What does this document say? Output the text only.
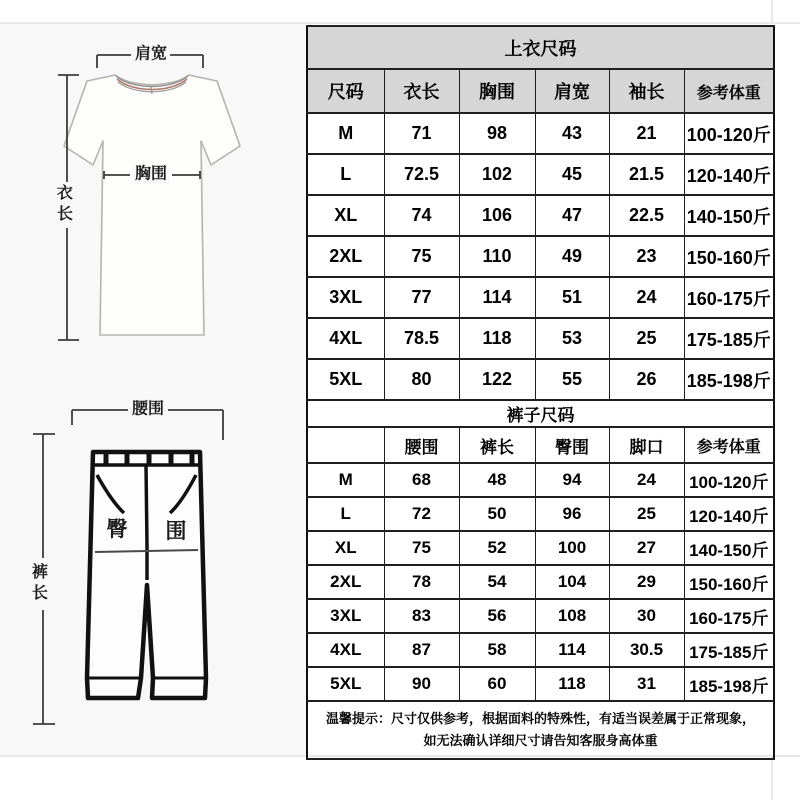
肩宽
衣长
胸围
腰围
裤长
臀 围
上衣尺码					
尺码	衣长	胸围	肩宽	袖长	参考体重
M	71	98	43	21	100-120斤
L	72.5	102	45	21.5	120-140斤
XL	74	106	47	22.5	140-150斤
2XL	75	110	49	23	150-160斤
3XL	77	114	51	24	160-175斤
4XL	78.5	118	53	25	175-185斤
5XL	80	122	55	26	185-198斤
裤子尺码					
	腰围	裤长	臀围	脚口	参考体重
M	68	48	94	24	100-120斤
L	72	50	96	25	120-140斤
XL	75	52	100	27	140-150斤
2XL	78	54	104	29	150-160斤
3XL	83	56	108	30	160-175斤
4XL	87	58	114	30.5	175-185斤
5XL	90	60	118	31	185-198斤
温馨提示：尺寸仅供参考，根据面料的特殊性，有适当误差属于正常现象，如无法确认详细尺寸请告知客服身高体重					
